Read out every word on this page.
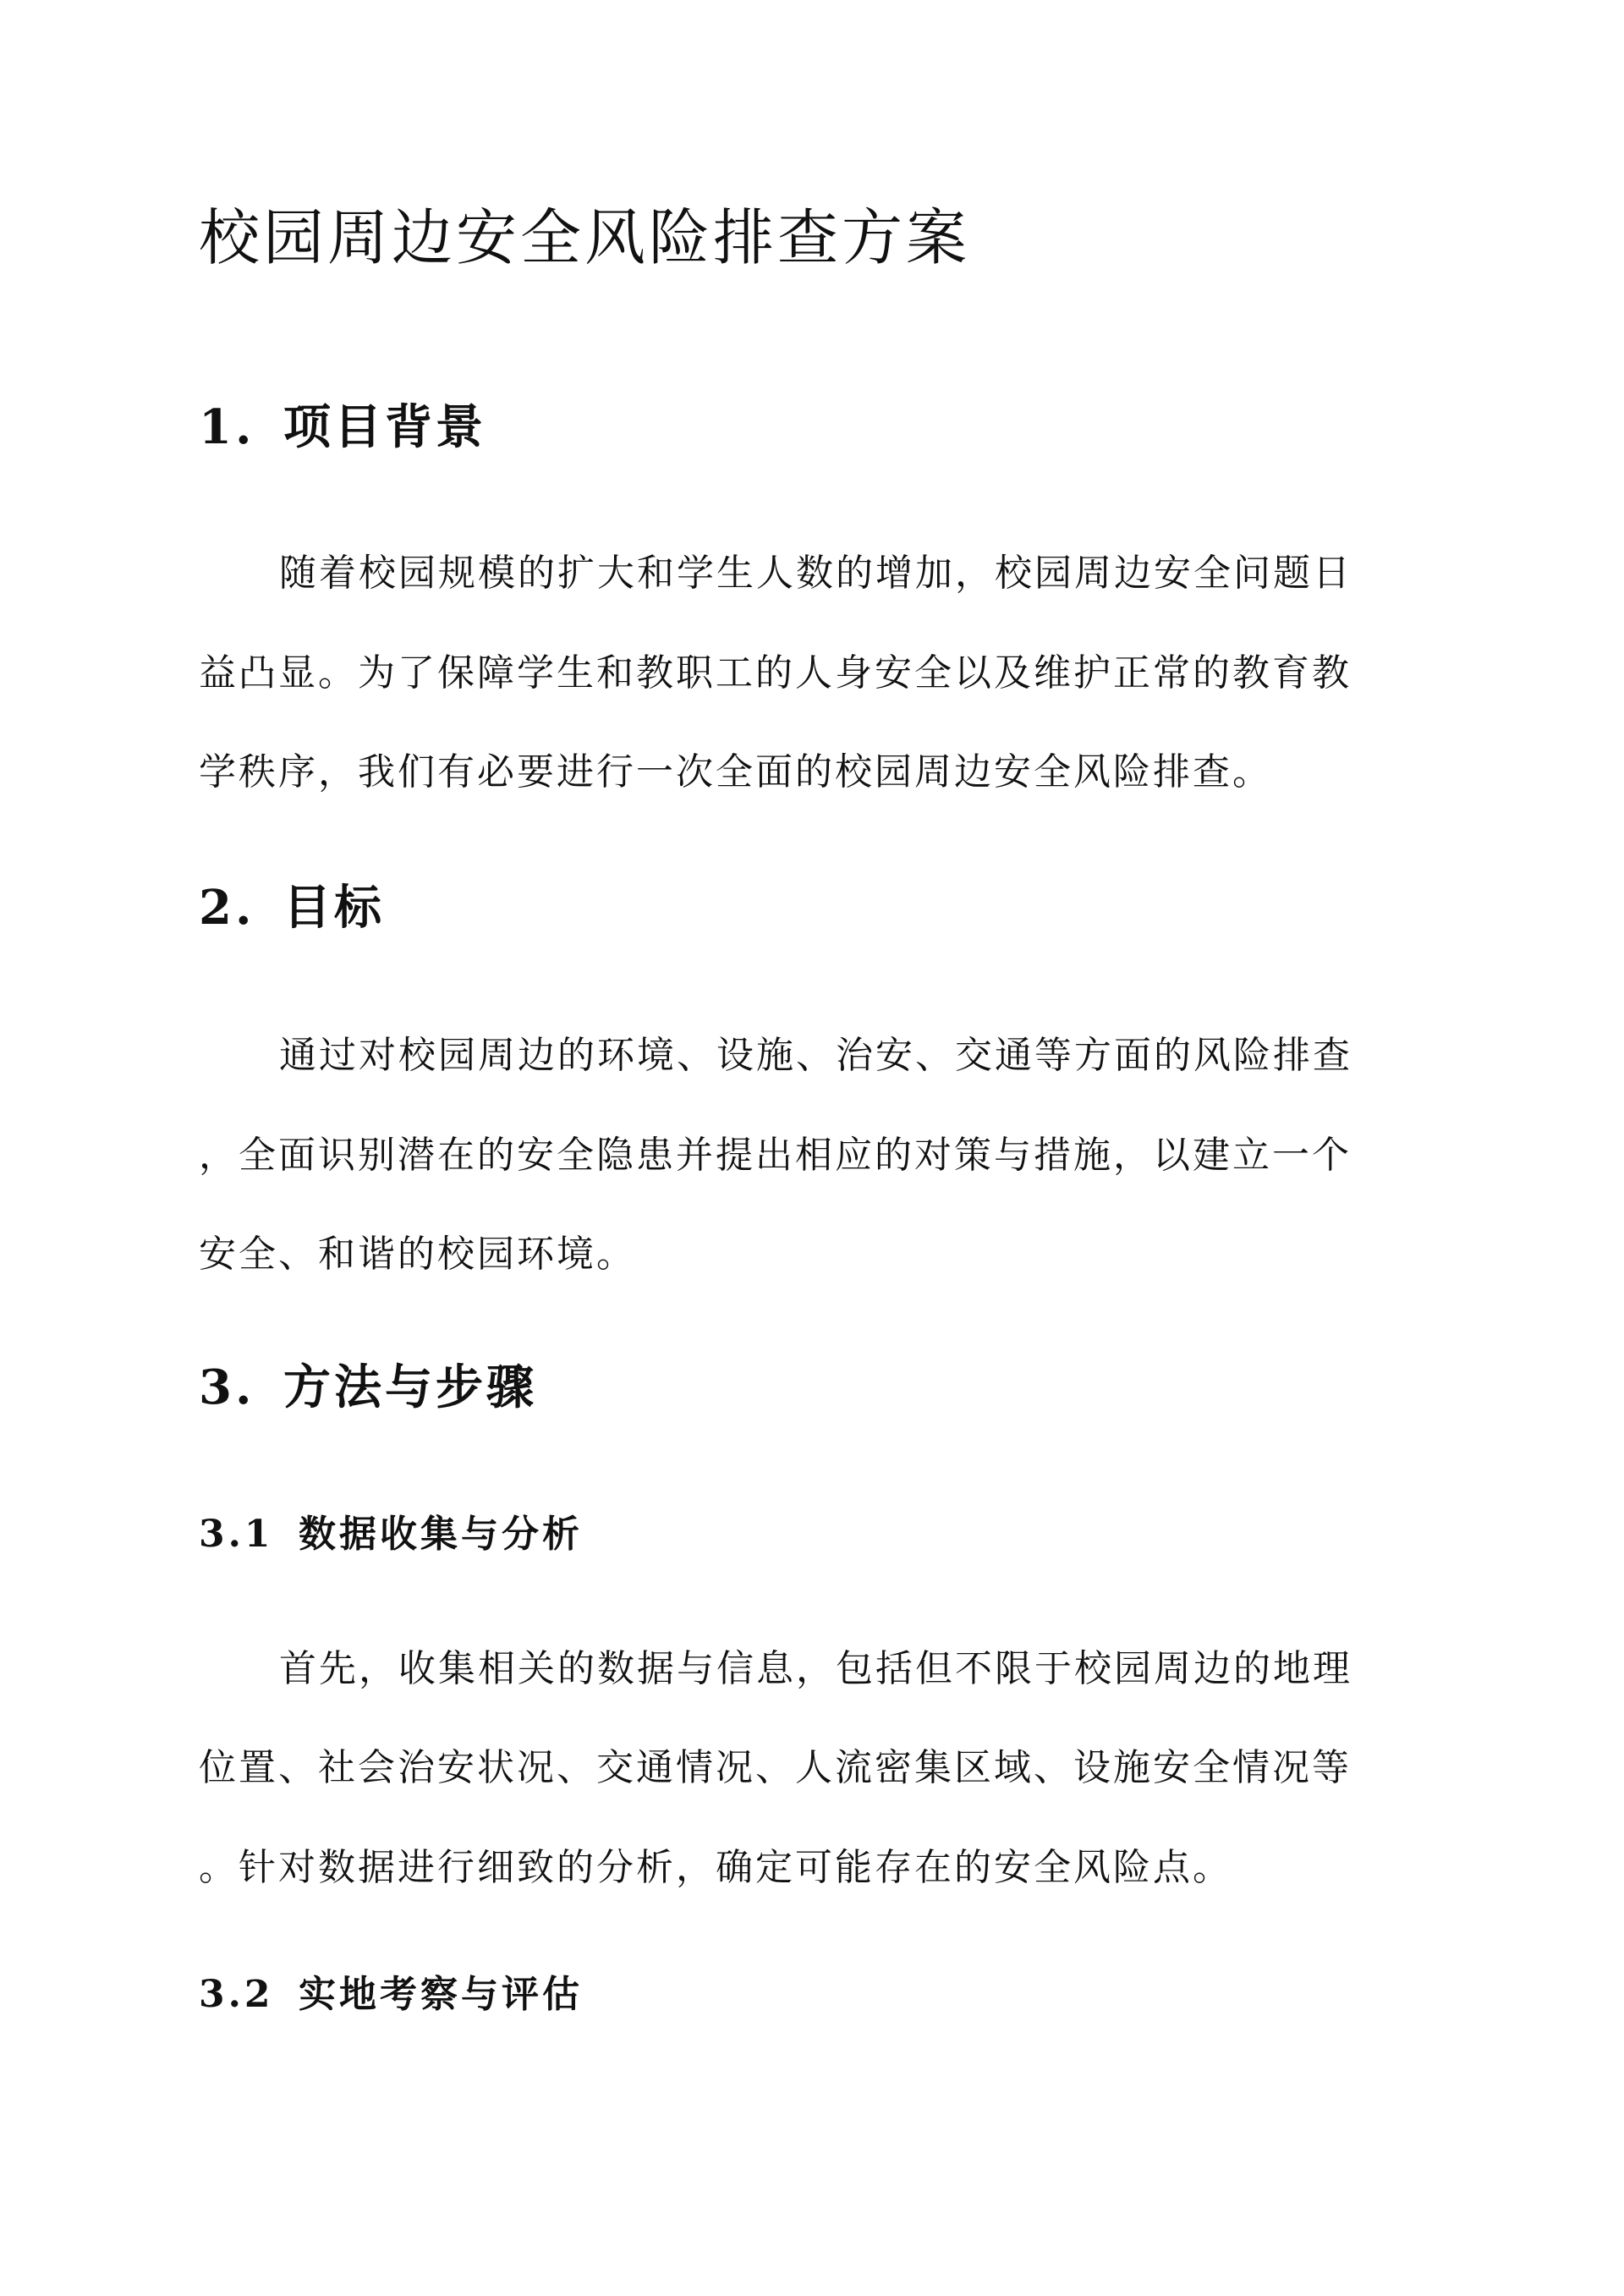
校园周边安全风险排查方案
1. 项目背景

随着校园规模的扩大和学生人数的增加，校园周边安全问题日

益凸显。为了保障学生和教职工的人身安全以及维护正常的教育教

学秩序，我们有必要进行一次全面的校园周边安全风险排查。

2. 目标

通过对校园周边的环境、设施、治安、交通等方面的风险排查

，全面识别潜在的安全隐患并提出相应的对策与措施，以建立一个

安全、和谐的校园环境。

3. 方法与步骤
3.1 数据收集与分析

首先，收集相关的数据与信息，包括但不限于校园周边的地理

位置、社会治安状况、交通情况、人流密集区域、设施安全情况等

。针对数据进行细致的分析，确定可能存在的安全风险点。

3.2 实地考察与评估
